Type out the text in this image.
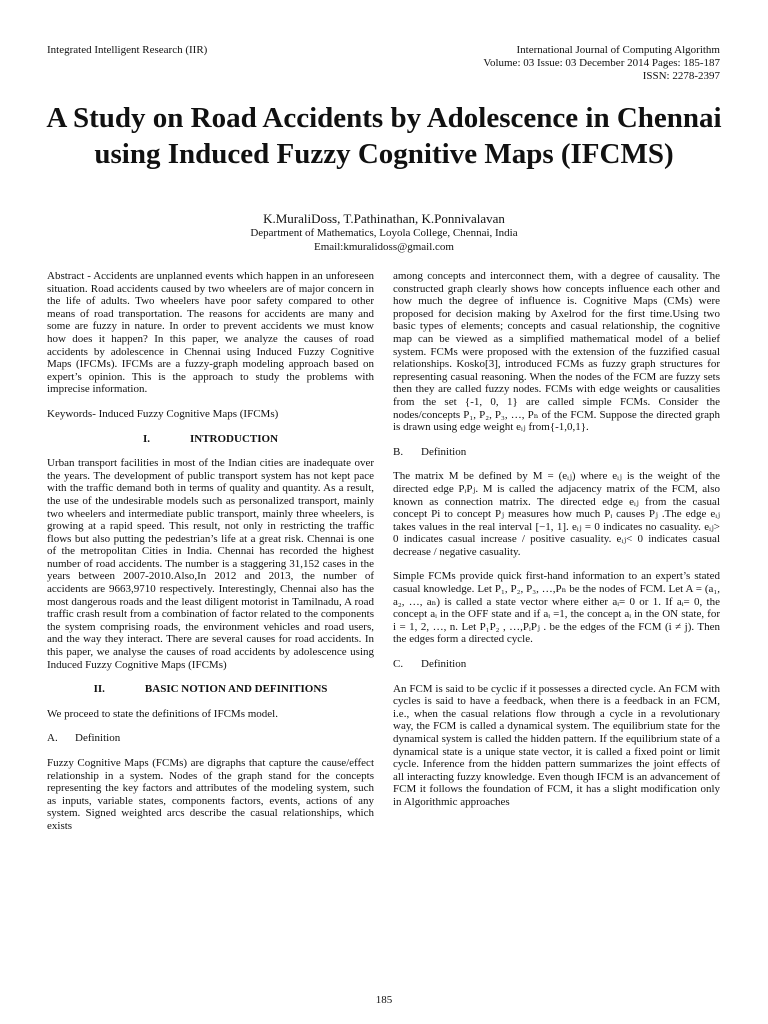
Integrated Intelligent Research (IIR)	International Journal of Computing Algorithm
Volume: 03 Issue: 03 December 2014 Pages: 185-187
ISSN: 2278-2397
A Study on Road Accidents by Adolescence in Chennai using Induced Fuzzy Cognitive Maps (IFCMS)
K.MuraliDoss, T.Pathinathan, K.Ponnivalavan
Department of Mathematics, Loyola College, Chennai, India
Email:kmuralidoss@gmail.com

Abstract - Accidents are unplanned events which happen in an unforeseen situation. Road accidents caused by two wheelers are of major concern in the life of adults. Two wheelers have poor safety compared to other means of road transportation. The reasons for accidents are many and some are fuzzy in nature. In order to prevent accidents we must know how does it happen? In this paper, we analyze the causes of road accidents by adolescence in Chennai using Induced Fuzzy Cognitive Maps (IFCMs). IFCMs are a fuzzy-graph modeling approach based on expert’s opinion. This is the approach to study the problems with imprecise information.

Keywords- Induced Fuzzy Cognitive Maps (IFCMs)

I.	INTRODUCTION

Urban transport facilities in most of the Indian cities are inadequate over the years. The development of public transport system has not kept pace with the traffic demand both in terms of quality and quantity. As a result, the use of the undesirable models such as personalized transport, mainly two wheelers and intermediate public transport, mainly three wheelers, is growing at a rapid speed. This result, not only in restricting the traffic flows but also putting the pedestrian’s life at a great risk. Chennai is one of the metropolitan Cities in India. Chennai has recorded the highest number of road accidents. The number is a staggering 31,152 cases in the years between 2007-2010.Also,In 2012 and 2013, the number of accidents are 9663,9710 respectively. Interestingly, Chennai also has the most dangerous roads and the least diligent motorist in Tamilnadu, A road traffic crash result from a combination of factor related to the components the system comprising roads, the environment vehicles and road users, and the way they interact. There are several causes for road accidents. In this paper, we analyse the causes of road accidents by adolescence using Induced Fuzzy Cognitive Maps (IFCMs)

II.	BASIC NOTION AND DEFINITIONS

We proceed to state the definitions of IFCMs model.

A. Definition

Fuzzy Cognitive Maps (FCMs) are digraphs that capture the cause/effect relationship in a system. Nodes of the graph stand for the concepts representing the key factors and attributes of the modeling system, such as inputs, variable states, components factors, events, actions of any system. Signed weighted arcs describe the casual relationships, which exists

among concepts and interconnect them, with a degree of causality. The constructed graph clearly shows how concepts influence each other and how much the degree of influence is. Cognitive Maps (CMs) were proposed for decision making by Axelrod for the first time.Using two basic types of elements; concepts and casual relationship, the cognitive map can be viewed as a simplified mathematical model of a belief system. FCMs were proposed with the extension of the fuzzified casual relationships. Kosko[3], introduced FCMs as fuzzy graph structures for representing casual reasoning. When the nodes of the FCM are fuzzy sets then they are called fuzzy nodes. FCMs with edge weights or causalities from the set {-1, 0, 1} are called simple FCMs. Consider the nodes/concepts P₁, P₂, P₃, …, Pₙ of the FCM. Suppose the directed graph is drawn using edge weight eᵢⱼ from{-1,0,1}.

B. Definition

The matrix M be defined by M = (eᵢⱼ) where eᵢⱼ is the weight of the directed edge PᵢPⱼ. M is called the adjacency matrix of the FCM, also known as connection matrix. The directed edge eᵢⱼ from the casual concept Pi to concept Pⱼ measures how much Pᵢ causes Pⱼ .The edge eᵢⱼ takes values in the real interval [−1, 1]. eᵢⱼ = 0 indicates no casuality. eᵢⱼ> 0 indicates casual increase / positive casuality. eᵢⱼ< 0 indicates casual decrease / negative casuality.

Simple FCMs provide quick first-hand information to an expert’s stated casual knowledge. Let P₁, P₂, P₃, …,Pₙ be the nodes of FCM. Let A = (a₁, a₂, …, aₙ) is called a state vector where either aᵢ= 0 or 1. If aᵢ= 0, the concept aᵢ in the OFF state and if aᵢ =1, the concept aᵢ in the ON state, for i = 1, 2, …, n. Let P₁P₂ , …,PᵢPⱼ . be the edges of the FCM (i ≠ j). Then the edges form a directed cycle.

C. Definition

An FCM is said to be cyclic if it possesses a directed cycle. An FCM with cycles is said to have a feedback, when there is a feedback in an FCM, i.e., when the casual relations flow through a cycle in a revolutionary way, the FCM is called a dynamical system. The equilibrium state for the dynamical system is called the hidden pattern. If the equilibrium state of a dynamical state is a unique state vector, it is called a fixed point or limit cycle. Inference from the hidden pattern summarizes the joint effects of all interacting fuzzy knowledge. Even though IFCM is an advancement of FCM it follows the foundation of FCM, it has a slight modification only in Algorithmic approaches

185
